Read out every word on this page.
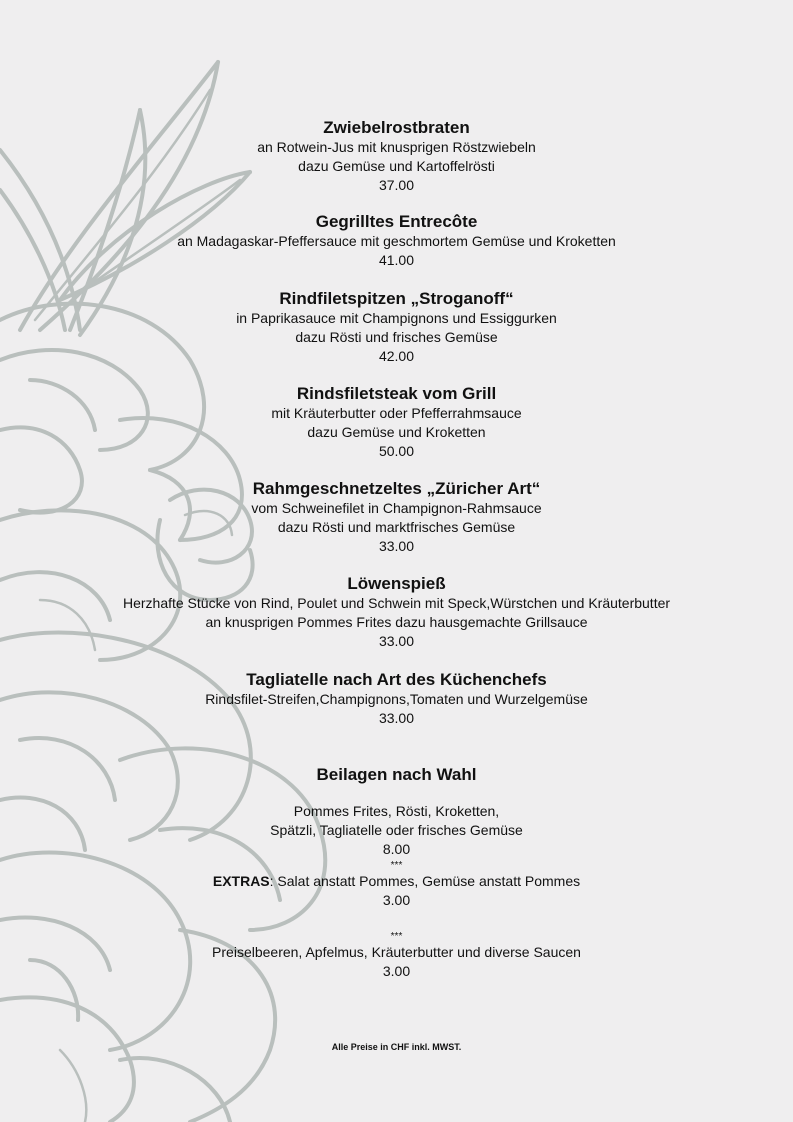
Zwiebelrostbraten

an Rotwein-Jus mit knusprigen Röstzwiebeln

dazu Gemüse und Kartoffelrösti

37.00

Gegrilltes Entrecôte

an Madagaskar-Pfeffersauce mit geschmortem Gemüse und Kroketten

41.00

Rindfiletspitzen „Stroganoff“

in Paprikasauce mit Champignons und Essiggurken

dazu Rösti und frisches Gemüse

42.00

Rindsfiletsteak vom Grill

mit Kräuterbutter oder Pfefferrahmsauce

dazu Gemüse und Kroketten

50.00

Rahmgeschnetzeltes „Züricher Art“

vom Schweinefilet in Champignon-Rahmsauce

dazu Rösti und marktfrisches Gemüse

33.00

Löwenspieß

Herzhafte Stücke von Rind, Poulet und Schwein mit Speck,Würstchen und Kräuterbutter

an knusprigen Pommes Frites dazu hausgemachte Grillsauce

33.00

Tagliatelle nach Art des Küchenchefs

Rindsfilet-Streifen,Champignons,Tomaten und Wurzelgemüse

33.00

Beilagen nach Wahl

Pommes Frites, Rösti, Kroketten,

Spätzli, Tagliatelle oder frisches Gemüse

8.00

***

EXTRAS: Salat anstatt Pommes, Gemüse anstatt Pommes

3.00

***

Preiselbeeren, Apfelmus, Kräuterbutter und diverse Saucen

3.00

Alle Preise in CHF inkl. MWST.
